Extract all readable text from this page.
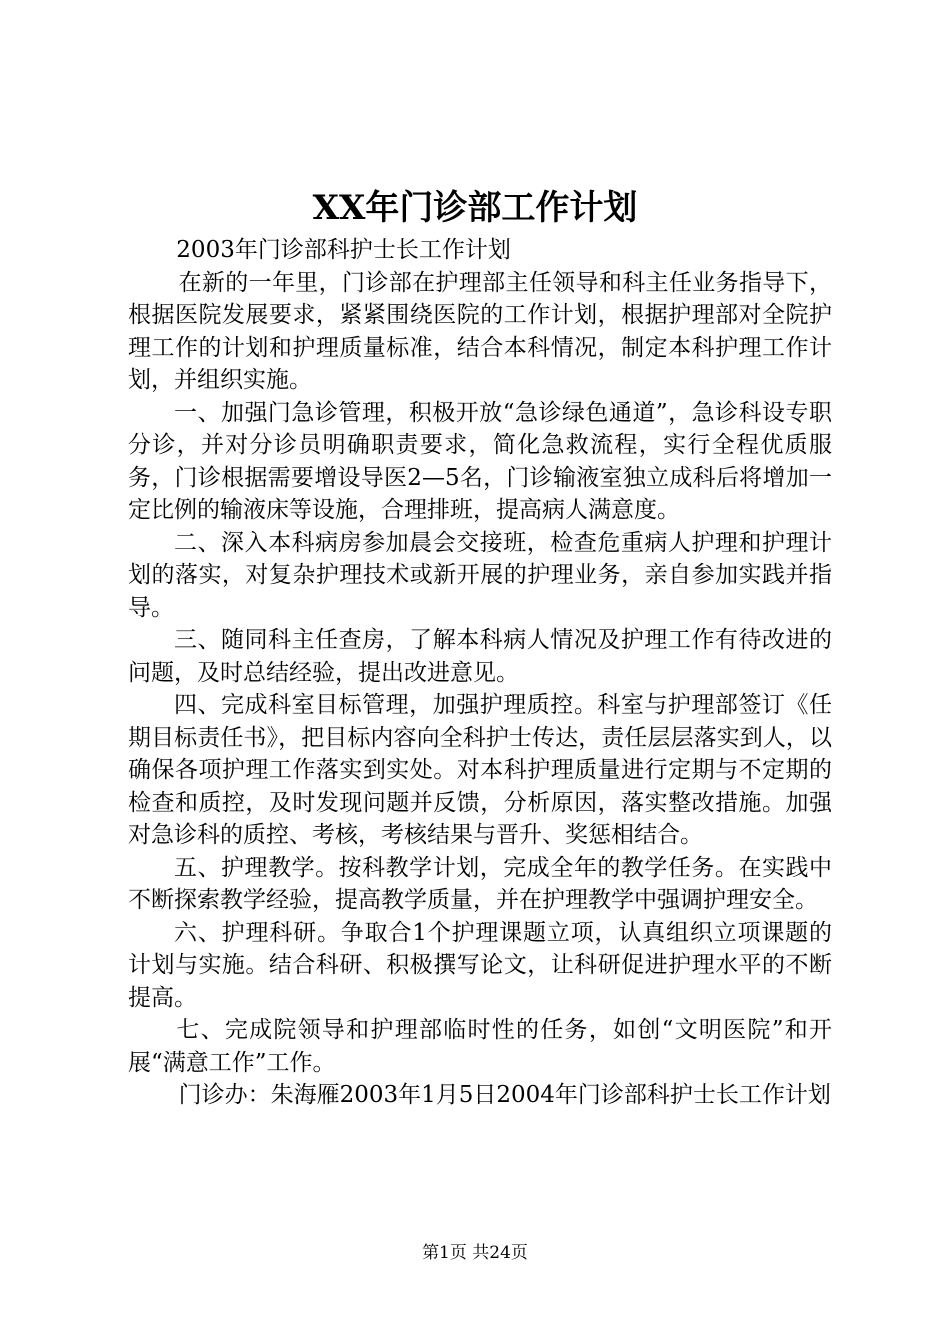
XX年门诊部工作计划

2003年门诊部科护士长工作计划

在新的一年里，门诊部在护理部主任领导和科主任业务指导下，根据医院发展要求，紧紧围绕医院的工作计划，根据护理部对全院护理工作的计划和护理质量标准，结合本科情况，制定本科护理工作计划，并组织实施。

一、加强门急诊管理，积极开放“急诊绿色通道”，急诊科设专职分诊，并对分诊员明确职责要求，简化急救流程，实行全程优质服务，门诊根据需要增设导医2—5名，门诊输液室独立成科后将增加一定比例的输液床等设施，合理排班，提高病人满意度。

二、深入本科病房参加晨会交接班，检查危重病人护理和护理计划的落实，对复杂护理技术或新开展的护理业务，亲自参加实践并指导。

三、随同科主任查房，了解本科病人情况及护理工作有待改进的问题，及时总结经验，提出改进意见。

四、完成科室目标管理，加强护理质控。科室与护理部签订《任期目标责任书》，把目标内容向全科护士传达，责任层层落实到人，以确保各项护理工作落实到实处。对本科护理质量进行定期与不定期的检查和质控，及时发现问题并反馈，分析原因，落实整改措施。加强对急诊科的质控、考核，考核结果与晋升、奖惩相结合。

五、护理教学。按科教学计划，完成全年的教学任务。在实践中不断探索教学经验，提高教学质量，并在护理教学中强调护理安全。

六、护理科研。争取合1个护理课题立项，认真组织立项课题的计划与实施。结合科研、积极撰写论文，让科研促进护理水平的不断提高。

七、完成院领导和护理部临时性的任务，如创“文明医院”和开展“满意工作”工作。

门诊办：朱海雁2003年1月5日2004年门诊部科护士长工作计划

第1页 共24页
